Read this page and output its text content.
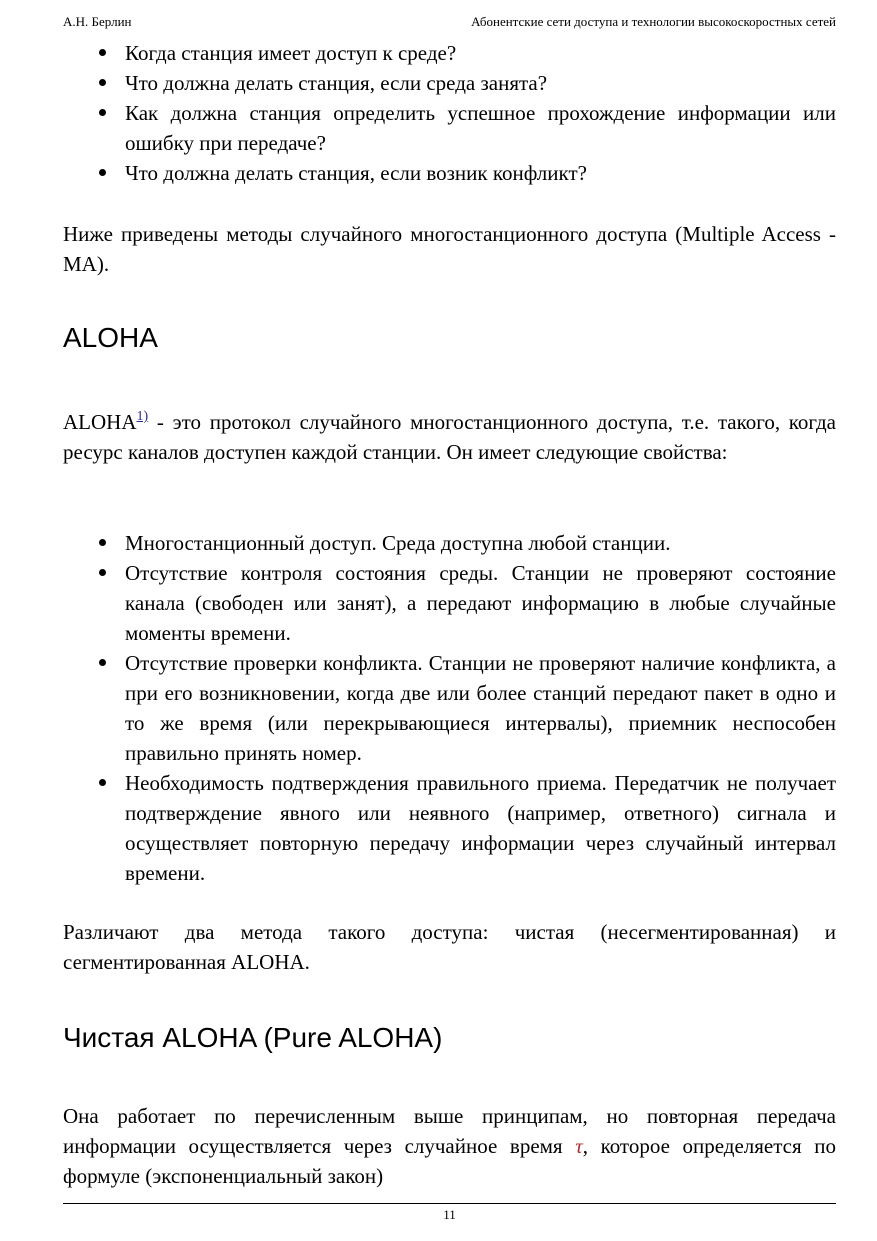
А.Н. Берлин	Абонентские сети доступа и технологии высокоскоростных сетей
Когда станция имеет доступ к среде?
Что должна делать станция, если среда занята?
Как должна станция определить успешное прохождение информации или ошибку при передаче?
Что должна делать станция, если возник конфликт?

Ниже приведены методы случайного многостанционного доступа (Multiple Access - MA).

ALOHA

ALOHA$^{1)}$ - это протокол случайного многостанционного доступа, т.е. такого, когда ресурс каналов доступен каждой станции. Он имеет следующие свойства:

Многостанционный доступ. Среда доступна любой станции.
Отсутствие контроля состояния среды. Станции не проверяют состояние канала (свободен или занят), а передают информацию в любые случайные моменты времени.
Отсутствие проверки конфликта. Станции не проверяют наличие конфликта, а при его возникновении, когда две или более станций передают пакет в одно и то же время (или перекрывающиеся интервалы), приемник неспособен правильно принять номер.
Необходимость подтверждения правильного приема. Передатчик не получает подтверждение явного или неявного (например, ответного) сигнала и осуществляет повторную передачу информации через случайный интервал времени.

Различают два метода такого доступа: чистая (несегментированная) и сегментированная ALOHA.

Чистая ALOHA (Pure ALOHA)

Она работает по перечисленным выше принципам, но повторная передача информации осуществляется через случайное время τ, которое определяется по формуле (экспоненциальный закон)

11
